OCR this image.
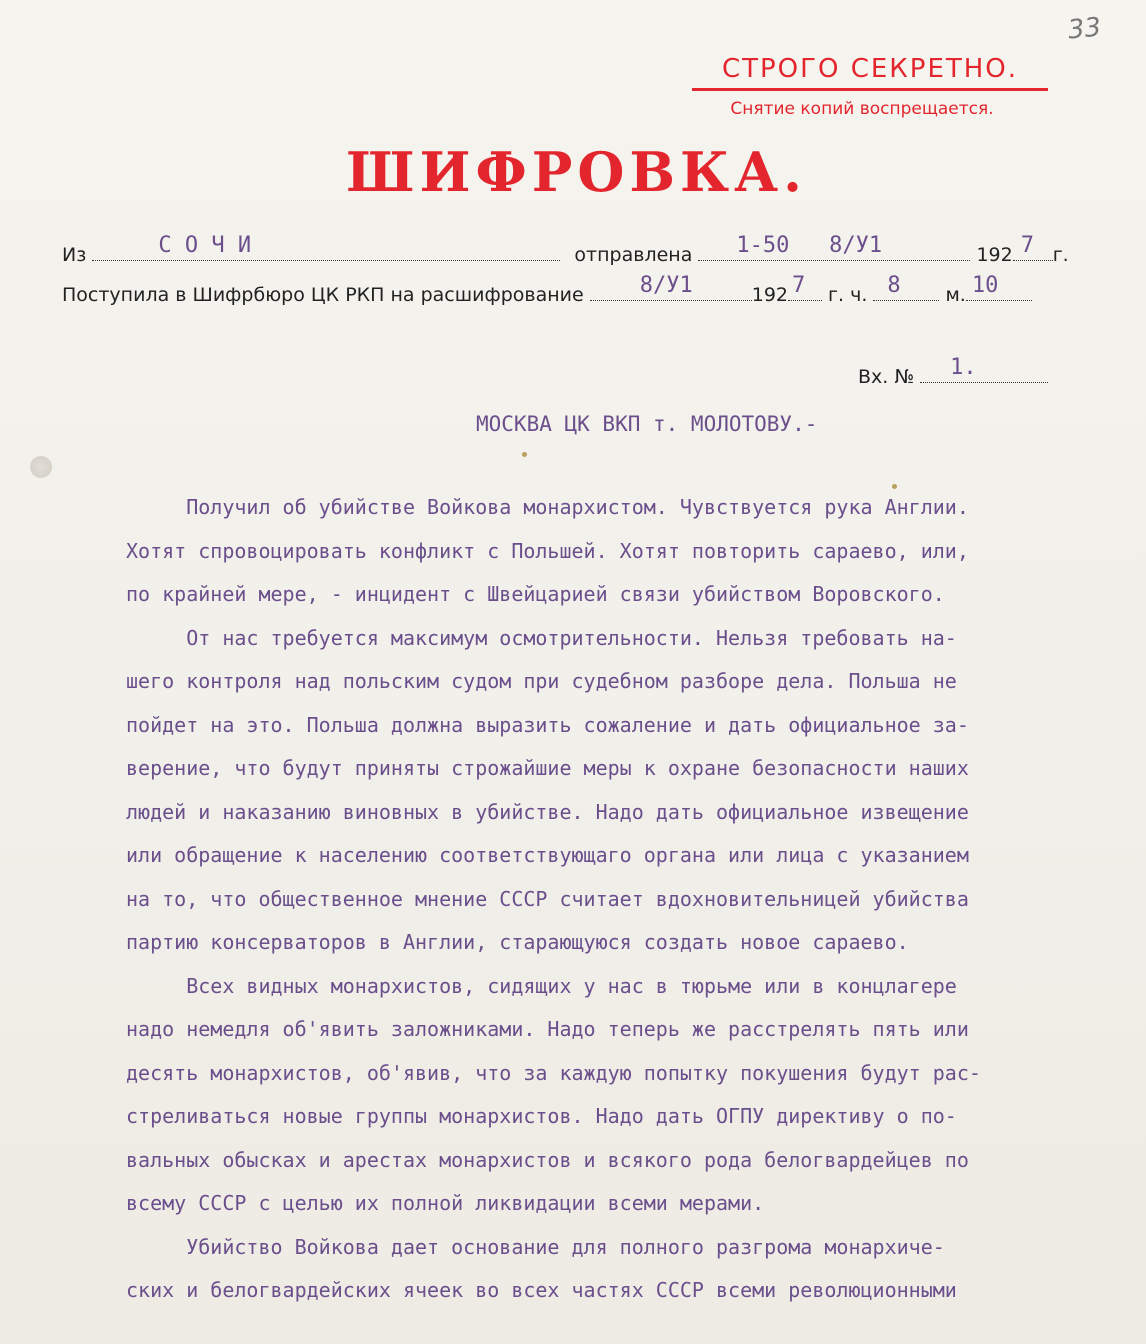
33
СТРОГО СЕКРЕТНО.
Снятие копий воспрещается.
ШИФРОВКА.
Из	С О Ч И	отправлена 1-50   8/У1	192 7 г.
Поступила в Шифрбюро ЦК РКП на расшифрование	8/У1	192 7 г. ч. 8 м. 10
Вх. № 1.
МОСКВА ЦК ВКП т. МОЛОТОВУ.-
Получил об убийстве Войкова монархистом. Чувствуется рука Англии.
Хотят спровоцировать конфликт с Польшей. Хотят повторить сараево, или,
по крайней мере, - инцидент с Швейцарией связи убийством Воровского.
От нас требуется максимум осмотрительности. Нельзя требовать на-
шего контроля над польским судом при судебном разборе дела. Польша не
пойдет на это. Польша должна выразить сожаление и дать официальное за-
верение, что будут приняты строжайшие меры к охране безопасности наших
людей и наказанию виновных в убийстве. Надо дать официальное извещение
или обращение к населению соответствующаго органа или лица с указанием
на то, что общественное мнение СССР считает вдохновительницей убийства
партию консерваторов в Англии, старающуюся создать новое сараево.
Всех видных монархистов, сидящих у нас в тюрьме или в концлагере
надо немедля об'явить заложниками. Надо теперь же расстрелять пять или
десять монархистов, об'явив, что за каждую попытку покушения будут рас-
стреливаться новые группы монархистов. Надо дать ОГПУ директиву о по-
вальных обысках и арестах монархистов и всякого рода белогвардейцев по
всему СССР с целью их полной ликвидации всеми мерами.
Убийство Войкова дает основание для полного разгрома монархиче-
ских и белогвардейских ячеек во всех частях СССР всеми революционными
